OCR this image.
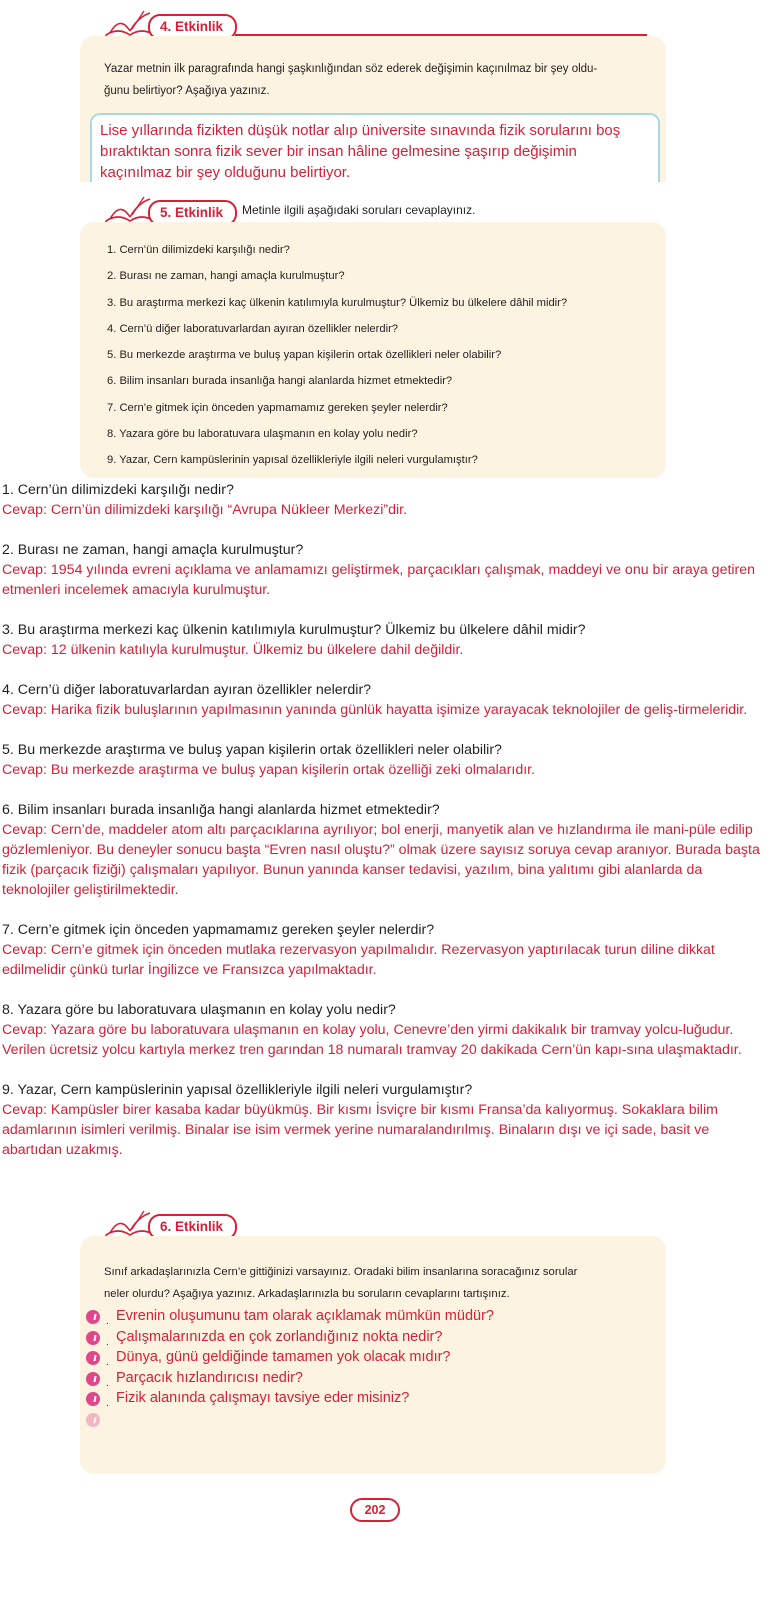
4. Etkinlik
Yazar metnin ilk paragrafında hangi şaşkınlığından söz ederek değişimin kaçınılmaz bir şey oldu-
ğunu belirtiyor? Aşağıya yazınız.
Lise yıllarında fizikten düşük notlar alıp üniversite sınavında fizik sorularını boş bıraktıktan sonra fizik sever bir insan hâline gelmesine şaşırıp değişimin kaçınılmaz bir şey olduğunu belirtiyor.
5. Etkinlik	Metinle ilgili aşağıdaki soruları cevaplayınız.
1. Cern’ün dilimizdeki karşılığı nedir?
2. Burası ne zaman, hangi amaçla kurulmuştur?
3. Bu araştırma merkezi kaç ülkenin katılımıyla kurulmuştur? Ülkemiz bu ülkelere dâhil midir?
4. Cern’ü diğer laboratuvarlardan ayıran özellikler nelerdir?
5. Bu merkezde araştırma ve buluş yapan kişilerin ortak özellikleri neler olabilir?
6. Bilim insanları burada insanlığa hangi alanlarda hizmet etmektedir?
7. Cern’e gitmek için önceden yapmamamız gereken şeyler nelerdir?
8. Yazara göre bu laboratuvara ulaşmanın en kolay yolu nedir?
9. Yazar, Cern kampüslerinin yapısal özellikleriyle ilgili neleri vurgulamıştır?
1. Cern’ün dilimizdeki karşılığı nedir?
Cevap: Cern’ün dilimizdeki karşılığı “Avrupa Nükleer Merkezi”dir.
2. Burası ne zaman, hangi amaçla kurulmuştur?
Cevap: 1954 yılında evreni açıklama ve anlamamızı geliştirmek, parçacıkları çalışmak, maddeyi ve onu bir araya getiren etmenleri incelemek amacıyla kurulmuştur.
3. Bu araştırma merkezi kaç ülkenin katılımıyla kurulmuştur? Ülkemiz bu ülkelere dâhil midir?
Cevap: 12 ülkenin katılıyla kurulmuştur. Ülkemiz bu ülkelere dahil değildir.
4. Cern’ü diğer laboratuvarlardan ayıran özellikler nelerdir?
Cevap: Harika fizik buluşlarının yapılmasının yanında günlük hayatta işimize yarayacak teknolojiler de geliş-tirmeleridir.
5. Bu merkezde araştırma ve buluş yapan kişilerin ortak özellikleri neler olabilir?
Cevap: Bu merkezde araştırma ve buluş yapan kişilerin ortak özelliği zeki olmalarıdır.
6. Bilim insanları burada insanlığa hangi alanlarda hizmet etmektedir?
Cevap: Cern’de, maddeler atom altı parçacıklarına ayrılıyor; bol enerji, manyetik alan ve hızlandırma ile mani-püle edilip gözlemleniyor. Bu deneyler sonucu başta “Evren nasıl oluştu?” olmak üzere sayısız soruya cevap aranıyor. Burada başta fizik (parçacık fiziği) çalışmaları yapılıyor. Bunun yanında kanser tedavisi, yazılım, bina yalıtımı gibi alanlarda da teknolojiler geliştirilmektedir.
7. Cern’e gitmek için önceden yapmamamız gereken şeyler nelerdir?
Cevap: Cern’e gitmek için önceden mutlaka rezervasyon yapılmalıdır. Rezervasyon yaptırılacak turun diline dikkat edilmelidir çünkü turlar İngilizce ve Fransızca yapılmaktadır.
8. Yazara göre bu laboratuvara ulaşmanın en kolay yolu nedir?
Cevap: Yazara göre bu laboratuvara ulaşmanın en kolay yolu, Cenevre’den yirmi dakikalık bir tramvay yolcu-luğudur. Verilen ücretsiz yolcu kartıyla merkez tren garından 18 numaralı tramvay 20 dakikada Cern’ün kapı-sına ulaşmaktadır.
9. Yazar, Cern kampüslerinin yapısal özellikleriyle ilgili neleri vurgulamıştır?
Cevap: Kampüsler birer kasaba kadar büyükmüş. Bir kısmı İsviçre bir kısmı Fransa’da kalıyormuş. Sokaklara bilim adamlarının isimleri verilmiş. Binalar ise isim vermek yerine numaralandırılmış. Binaların dışı ve içi sade, basit ve abartıdan uzakmış.
6. Etkinlik
Sınıf arkadaşlarınızla Cern’e gittiğinizi varsayınız. Oradaki bilim insanlarına soracağınız sorular
neler olurdu? Aşağıya yazınız. Arkadaşlarınızla bu soruların cevaplarını tartışınız.
. Evrenin oluşumunu tam olarak açıklamak mümkün müdür?
. Çalışmalarınızda en çok zorlandığınız nokta nedir?
. Dünya, günü geldiğinde tamamen yok olacak mıdır?
. Parçacık hızlandırıcısı nedir?
. Fizik alanında çalışmayı tavsiye eder misiniz?
202
